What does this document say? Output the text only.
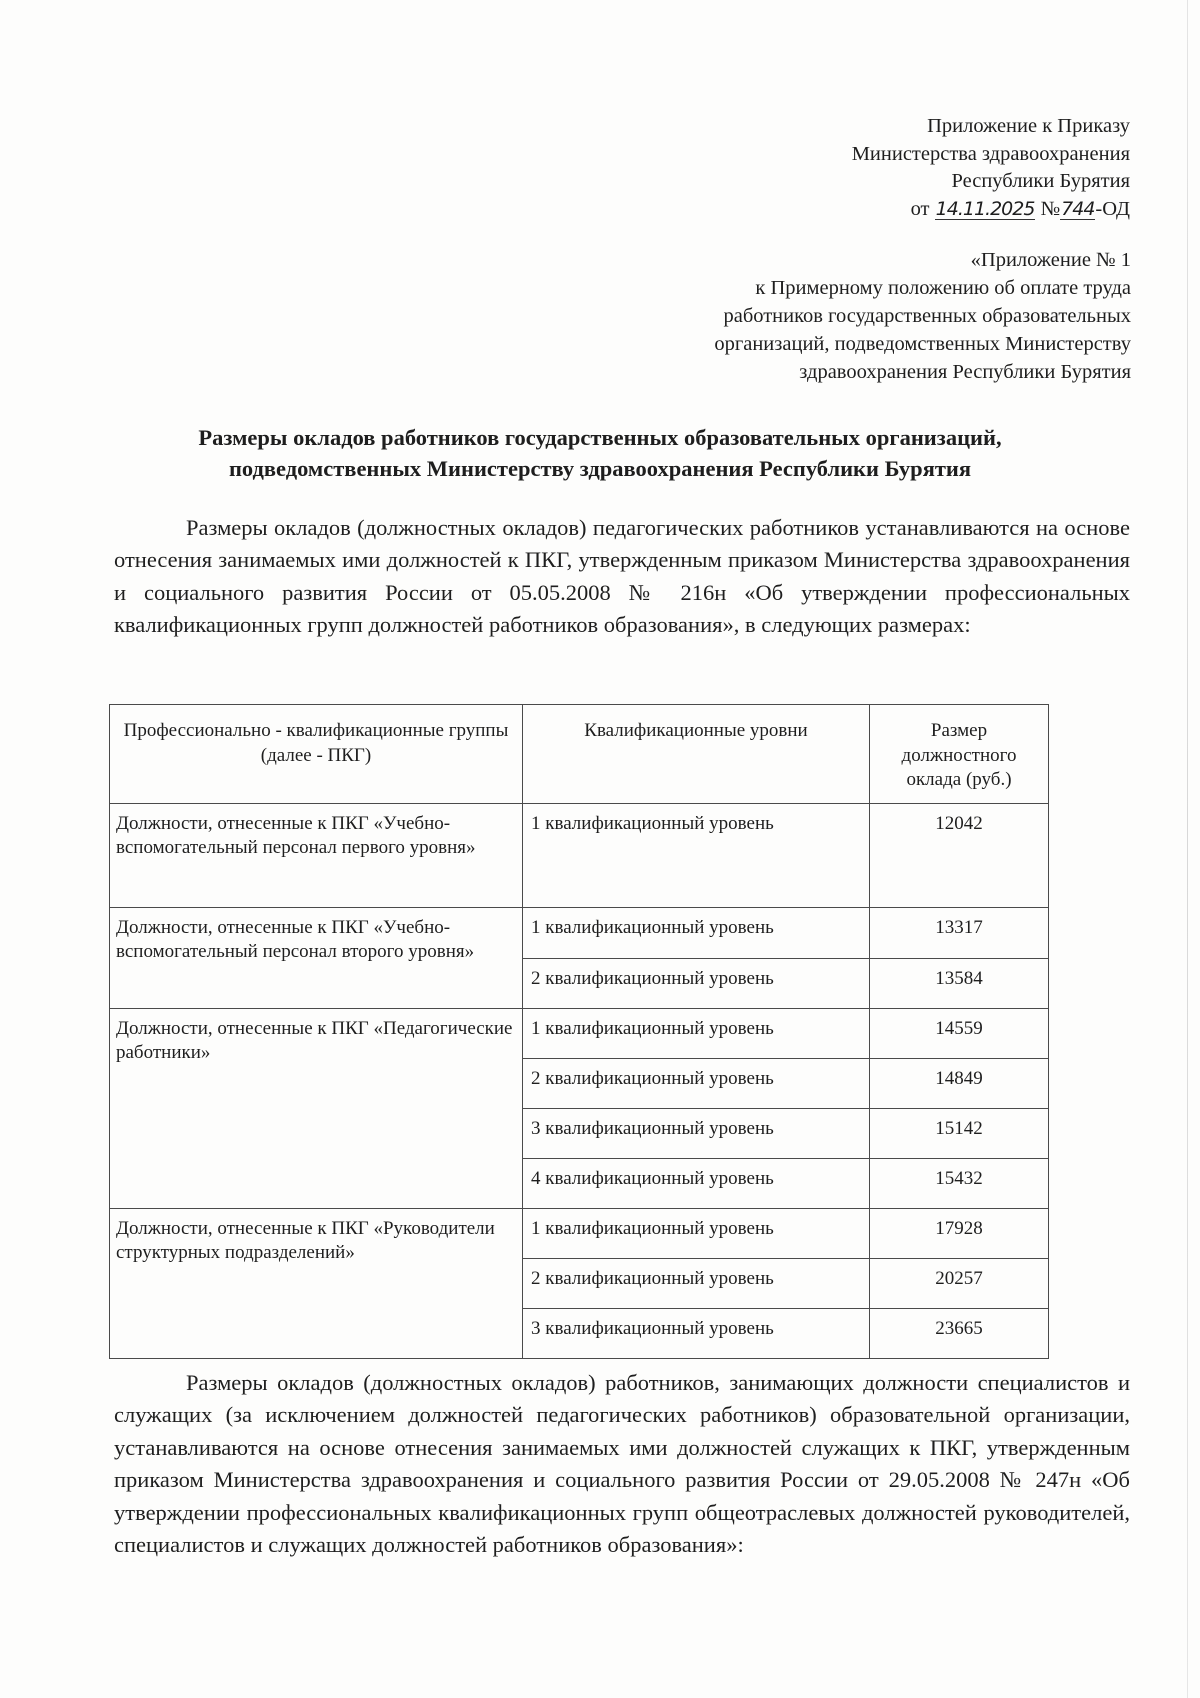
Приложение к Приказу
Министерства здравоохранения
Республики Бурятия
от 14.11.2025 №744-ОД
«Приложение № 1
к Примерному положению об оплате труда
работников государственных образовательных
организаций, подведомственных Министерству
здравоохранения Республики Бурятия
Размеры окладов работников государственных образовательных организаций,
подведомственных Министерству здравоохранения Республики Бурятия

Размеры окладов (должностных окладов) педагогических работников устанавливаются на основе отнесения занимаемых ими должностей к ПКГ, утвержденным приказом Министерства здравоохранения и социального развития России от 05.05.2008 № 216н «Об утверждении профессиональных квалификационных групп должностей работников образования», в следующих размерах:

Профессионально - квалификационные группы (далее - ПКГ)	Квалификационные уровни	Размер должностного оклада (руб.)
Должности, отнесенные к ПКГ «Учебно-вспомогательный персонал первого уровня»	1 квалификационный уровень	12042
Должности, отнесенные к ПКГ «Учебно-вспомогательный персонал второго уровня»	1 квалификационный уровень	13317
	2 квалификационный уровень	13584
Должности, отнесенные к ПКГ «Педагогические работники»	1 квалификационный уровень	14559
	2 квалификационный уровень	14849
	3 квалификационный уровень	15142
	4 квалификационный уровень	15432
Должности, отнесенные к ПКГ «Руководители структурных подразделений»	1 квалификационный уровень	17928
	2 квалификационный уровень	20257
	3 квалификационный уровень	23665

Размеры окладов (должностных окладов) работников, занимающих должности специалистов и служащих (за исключением должностей педагогических работников) образовательной организации, устанавливаются на основе отнесения занимаемых ими должностей служащих к ПКГ, утвержденным приказом Министерства здравоохранения и социального развития России от 29.05.2008 № 247н «Об утверждении профессиональных квалификационных групп общеотраслевых должностей руководителей, специалистов и служащих должностей работников образования»:
